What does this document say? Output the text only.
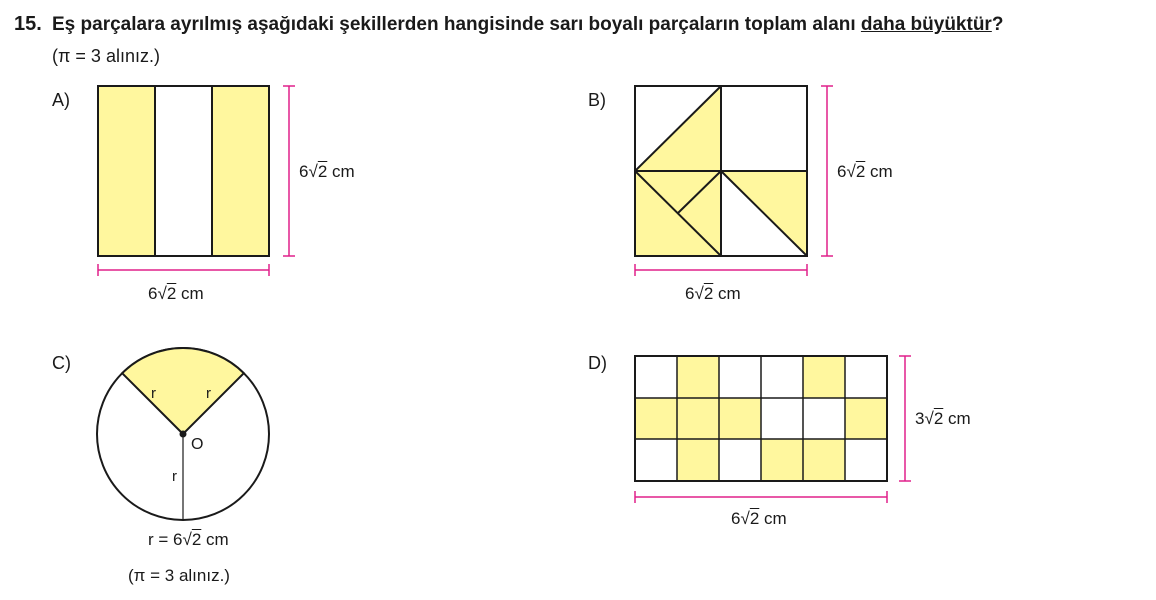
15. Eş parçalara ayrılmış aşağıdaki şekillerden hangisinde sarı boyalı parçaların toplam alanı daha büyüktür?
(π = 3 alınız.)
A)	B)
C)	D)
6√2 cm
6√2 cm
6√2 cm
6√2 cm
r	r
O
r
r = 6√2 cm
(π = 3 alınız.)
3√2 cm
6√2 cm
